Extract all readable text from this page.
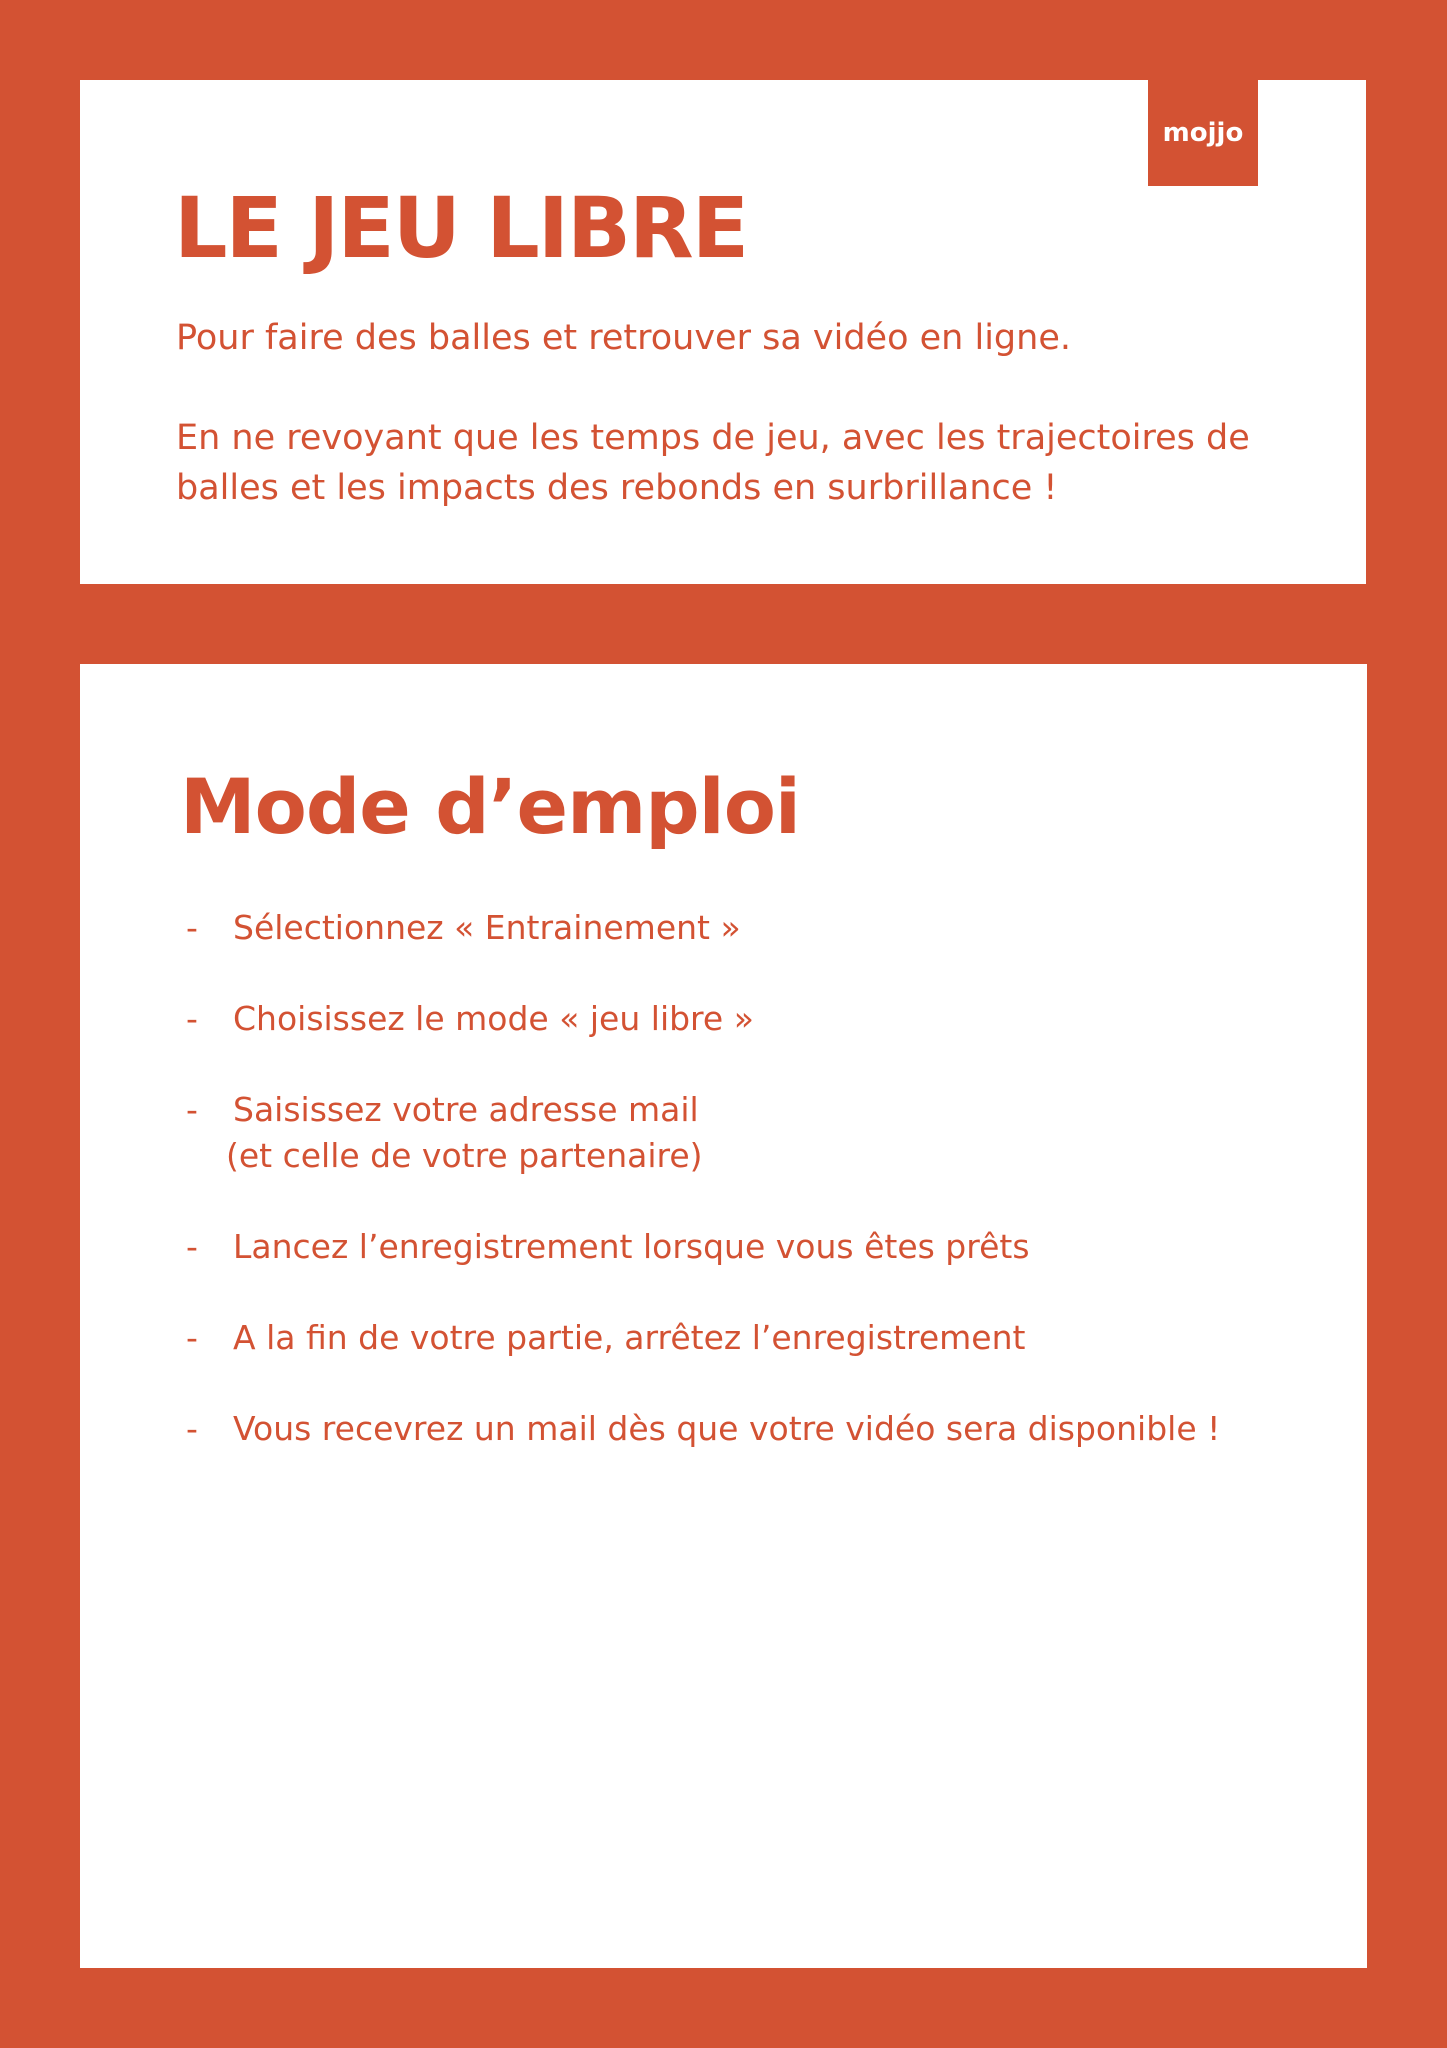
mojjo
LE JEU LIBRE

Pour faire des balles et retrouver sa vidéo en ligne.

En ne revoyant que les temps de jeu, avec les trajectoires de balles et les impacts des rebonds en surbrillance !

Mode d’emploi
- Sélectionnez « Entrainement »
- Choisissez le mode « jeu libre »
- Saisissez votre adresse mail
(et celle de votre partenaire)
- Lancez l’enregistrement lorsque vous êtes prêts
- A la fin de votre partie, arrêtez l’enregistrement
- Vous recevrez un mail dès que votre vidéo sera disponible !
